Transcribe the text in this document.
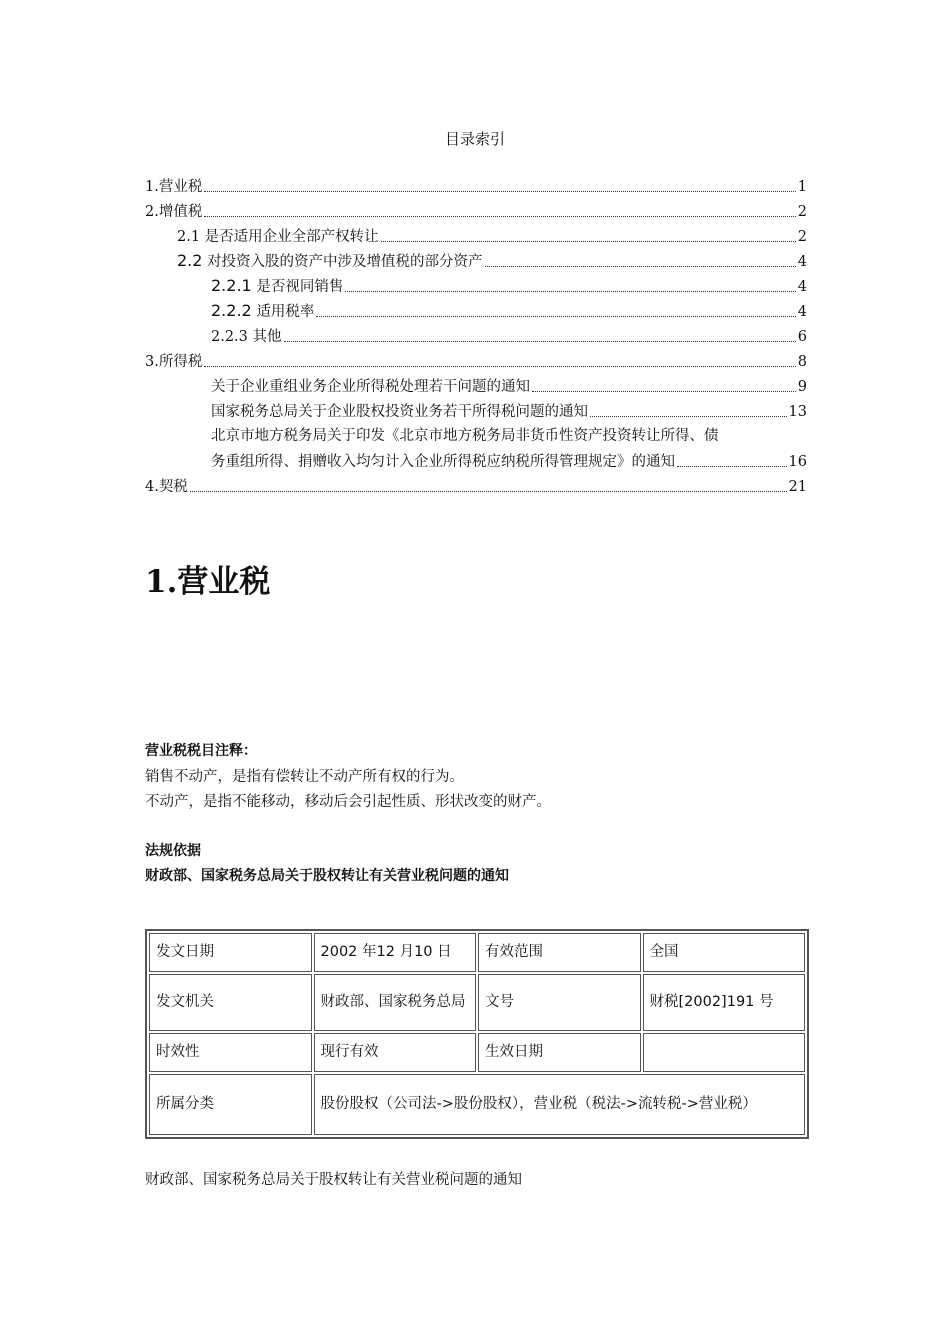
目录索引
1.营业税	1
2.增值税	2
2.1 是否适用企业全部产权转让	2
2.2 对投资入股的资产中涉及增值税的部分资产	4
2.2.1 是否视同销售	4
2.2.2 适用税率	4
2.2.3 其他	6
3.所得税	8
关于企业重组业务企业所得税处理若干问题的通知	9
国家税务总局关于企业股权投资业务若干所得税问题的通知	13
北京市地方税务局关于印发《北京市地方税务局非货币性资产投资转让所得、债
务重组所得、捐赠收入均匀计入企业所得税应纳税所得管理规定》的通知	16
4.契税	21
1.营业税
营业税税目注释：
销售不动产，是指有偿转让不动产所有权的行为。
不动产，是指不能移动，移动后会引起性质、形状改变的财产。
法规依据
财政部、国家税务总局关于股权转让有关营业税问题的通知
发文日期	2002 年12 月10 日	有效范围	全国
发文机关	财政部、国家税务总局	文号	财税[2002]191 号
时效性	现行有效	生效日期	
所属分类	股份股权（公司法->股份股权），营业税（税法->流转税->营业税）		
财政部、国家税务总局关于股权转让有关营业税问题的通知
